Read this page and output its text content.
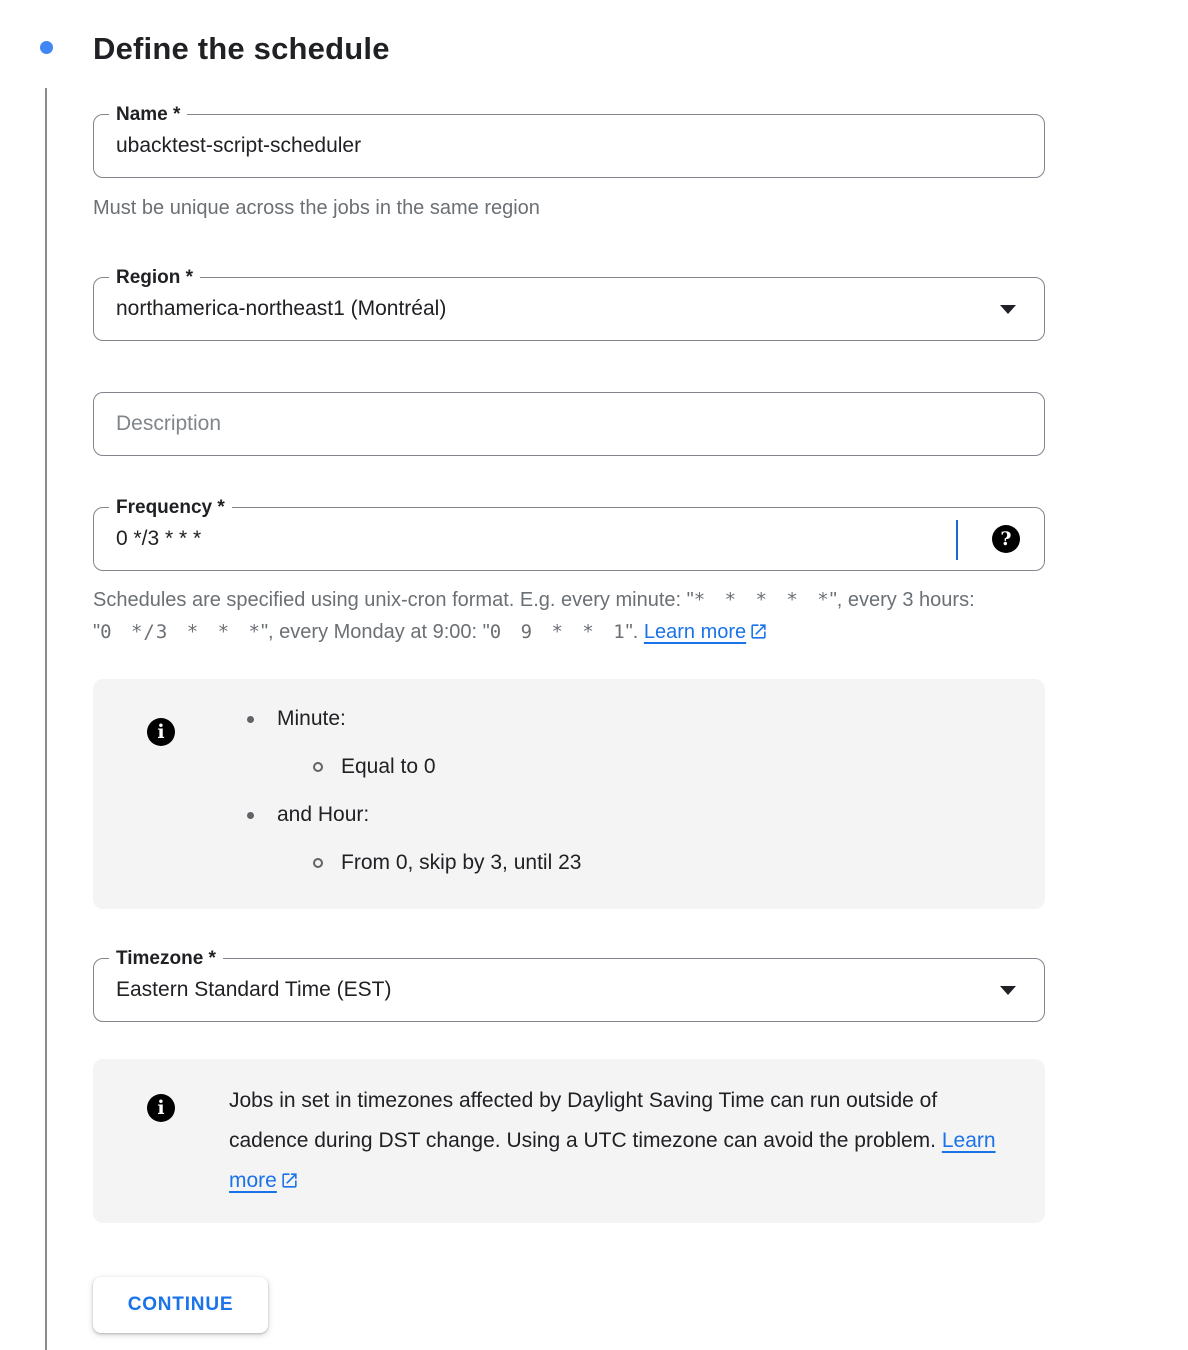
Define the schedule
Name *
ubacktest-script-scheduler
Must be unique across the jobs in the same region
Region *
northamerica-northeast1 (Montréal)
Description
Frequency *
0 */3 * * *
?
Schedules are specified using unix-cron format. E.g. every minute: "* * * * *", every 3 hours: "0 */3 * * *", every Monday at 9:00: "0 9 * * 1". Learn more
i
Minute:
Equal to 0
and Hour:
From 0, skip by 3, until 23
Timezone *
Eastern Standard Time (EST)
i	Jobs in set in timezones affected by Daylight Saving Time can run outside of cadence during DST change. Using a UTC timezone can avoid the problem. Learn more
CONTINUE
